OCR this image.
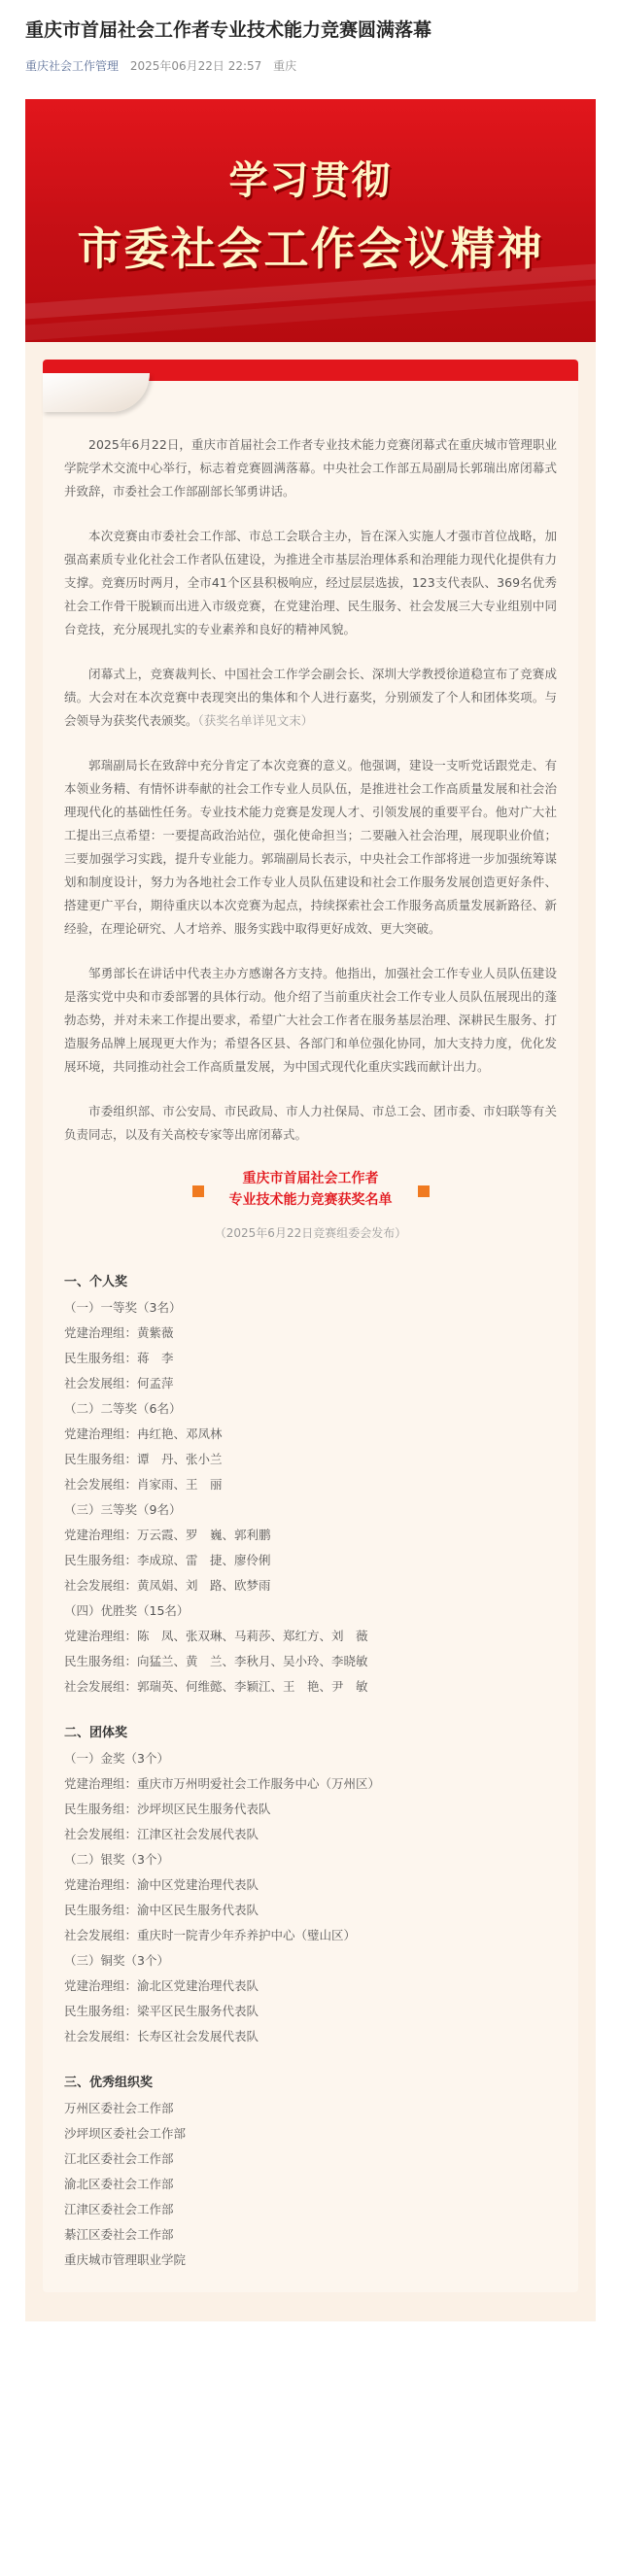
重庆市首届社会工作者专业技术能力竞赛圆满落幕
重庆社会工作管理 2025年06月22日 22:57 重庆
学习贯彻
市委社会工作会议精神

2025年6月22日，重庆市首届社会工作者专业技术能力竞赛闭幕式在重庆城市管理职业学院学术交流中心举行，标志着竞赛圆满落幕。中央社会工作部五局副局长郭瑞出席闭幕式并致辞，市委社会工作部副部长邹勇讲话。

本次竞赛由市委社会工作部、市总工会联合主办，旨在深入实施人才强市首位战略，加强高素质专业化社会工作者队伍建设，为推进全市基层治理体系和治理能力现代化提供有力支撑。竞赛历时两月，全市41个区县积极响应，经过层层选拔，123支代表队、369名优秀社会工作骨干脱颖而出进入市级竞赛，在党建治理、民生服务、社会发展三大专业组别中同台竞技，充分展现扎实的专业素养和良好的精神风貌。

闭幕式上，竞赛裁判长、中国社会工作学会副会长、深圳大学教授徐道稳宣布了竞赛成绩。大会对在本次竞赛中表现突出的集体和个人进行嘉奖，分别颁发了个人和团体奖项。与会领导为获奖代表颁奖。（获奖名单详见文末）

郭瑞副局长在致辞中充分肯定了本次竞赛的意义。他强调，建设一支听党话跟党走、有本领业务精、有情怀讲奉献的社会工作专业人员队伍，是推进社会工作高质量发展和社会治理现代化的基础性任务。专业技术能力竞赛是发现人才、引领发展的重要平台。他对广大社工提出三点希望：一要提高政治站位，强化使命担当；二要融入社会治理，展现职业价值；三要加强学习实践，提升专业能力。郭瑞副局长表示，中央社会工作部将进一步加强统筹谋划和制度设计，努力为各地社会工作专业人员队伍建设和社会工作服务发展创造更好条件、搭建更广平台，期待重庆以本次竞赛为起点，持续探索社会工作服务高质量发展新路径、新经验，在理论研究、人才培养、服务实践中取得更好成效、更大突破。

邹勇部长在讲话中代表主办方感谢各方支持。他指出，加强社会工作专业人员队伍建设是落实党中央和市委部署的具体行动。他介绍了当前重庆社会工作专业人员队伍展现出的蓬勃态势，并对未来工作提出要求，希望广大社会工作者在服务基层治理、深耕民生服务、打造服务品牌上展现更大作为；希望各区县、各部门和单位强化协同，加大支持力度，优化发展环境，共同推动社会工作高质量发展，为中国式现代化重庆实践而献计出力。

市委组织部、市公安局、市民政局、市人力社保局、市总工会、团市委、市妇联等有关负责同志，以及有关高校专家等出席闭幕式。

重庆市首届社会工作者
专业技术能力竞赛获奖名单
（2025年6月22日竞赛组委会发布）
一、个人奖
（一）一等奖（3名）
党建治理组：黄紫薇
民生服务组：蒋　李
社会发展组：何孟萍
（二）二等奖（6名）
党建治理组：冉红艳、邓凤林
民生服务组：谭　丹、张小兰
社会发展组：肖家雨、王　丽
（三）三等奖（9名）
党建治理组：万云霞、罗　巍、郭利鹏
民生服务组：李成琼、雷　捷、廖伶俐
社会发展组：黄凤娟、刘　路、欧梦雨
（四）优胜奖（15名）
党建治理组：陈　凤、张双琳、马莉莎、郑红方、刘　薇
民生服务组：向猛兰、黄　兰、李秋月、吴小玲、李晓敏
社会发展组：郭瑞英、何维懿、李颖江、王　艳、尹　敏
二、团体奖
（一）金奖（3个）
党建治理组：重庆市万州明爱社会工作服务中心（万州区）
民生服务组：沙坪坝区民生服务代表队
社会发展组：江津区社会发展代表队
（二）银奖（3个）
党建治理组：渝中区党建治理代表队
民生服务组：渝中区民生服务代表队
社会发展组：重庆时一院青少年乔养护中心（璧山区）
（三）铜奖（3个）
党建治理组：渝北区党建治理代表队
民生服务组：梁平区民生服务代表队
社会发展组：长寿区社会发展代表队
三、优秀组织奖
万州区委社会工作部
沙坪坝区委社会工作部
江北区委社会工作部
渝北区委社会工作部
江津区委社会工作部
綦江区委社会工作部
重庆城市管理职业学院
